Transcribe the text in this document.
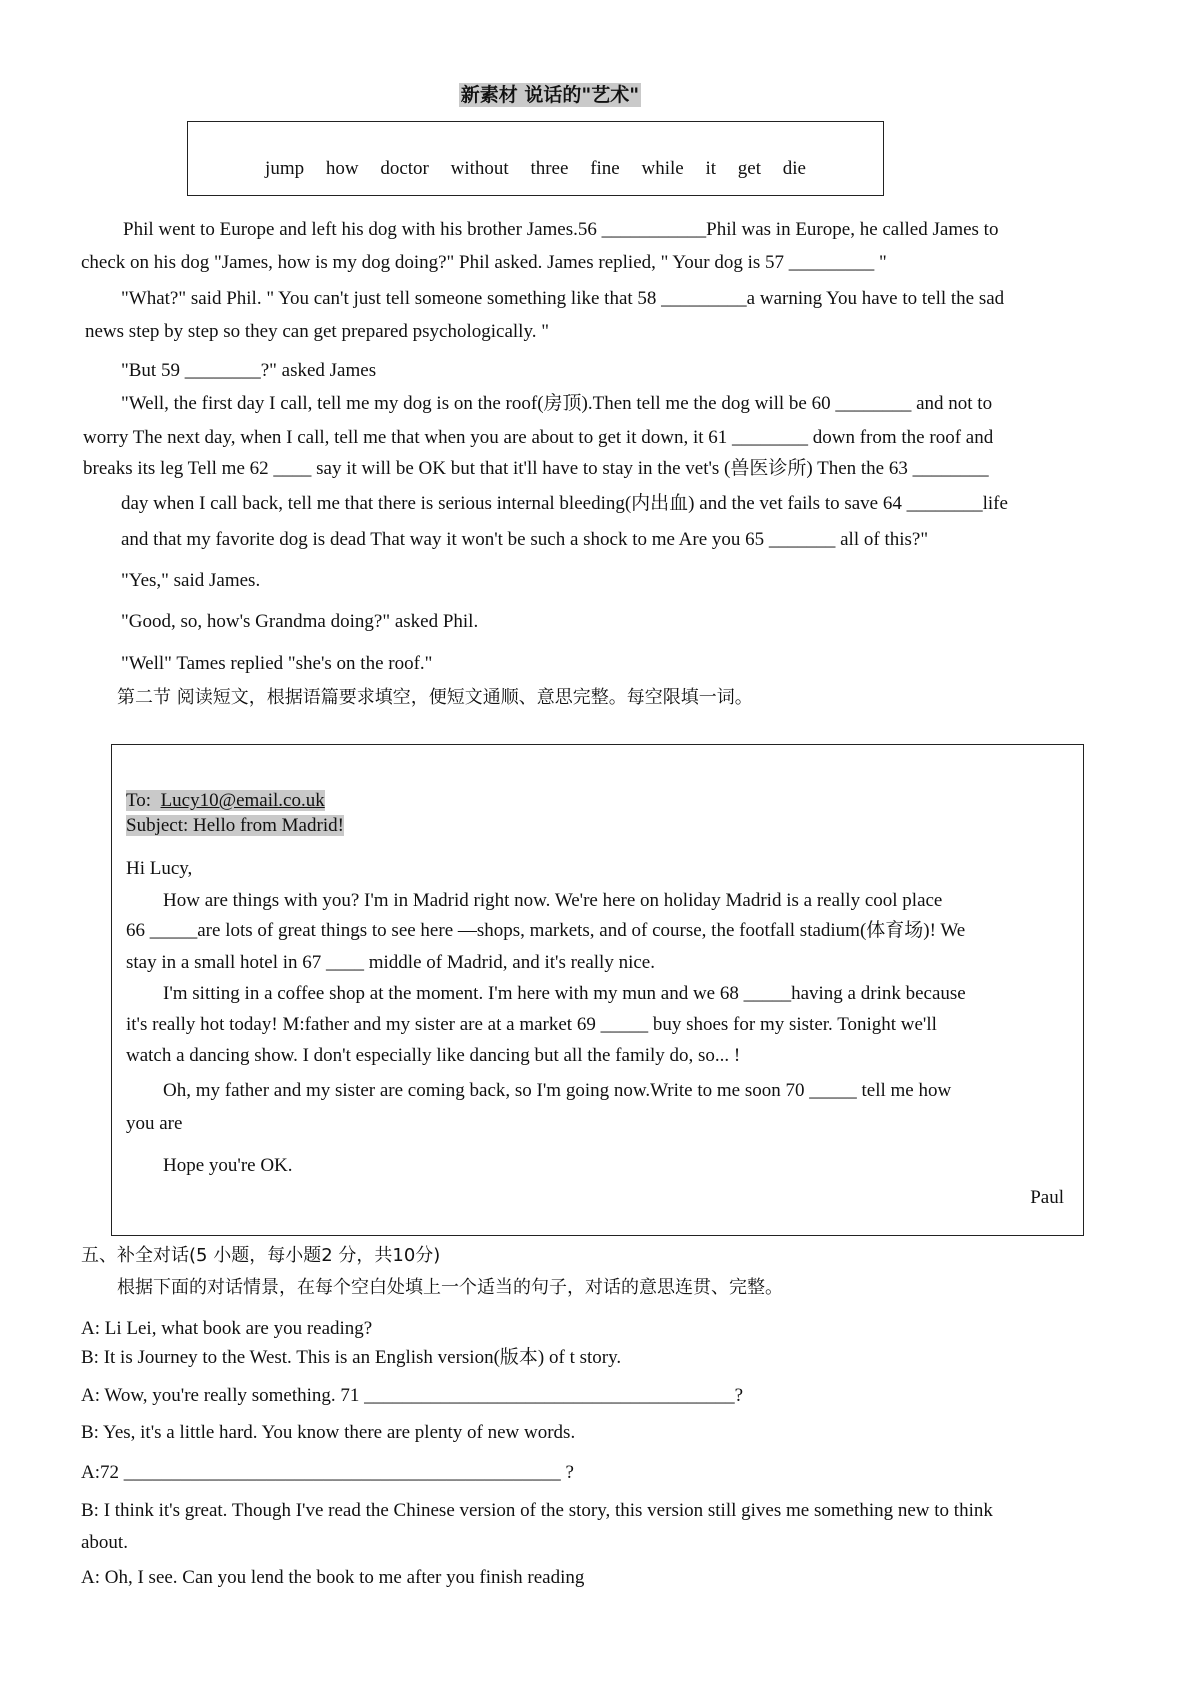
新素材 说话的"艺术"
jump how doctor without three fine while it get die
Phil went to Europe and left his dog with his brother James.56 ___________Phil was in Europe, he called James to
check on his dog "James, how is my dog doing?" Phil asked. James replied, " Your dog is 57 _________ "
"What?" said Phil. " You can't just tell someone something like that 58 _________a warning You have to tell the sad
news step by step so they can get prepared psychologically. "
"But 59 ________?" asked James
"Well, the first day I call, tell me my dog is on the roof(房顶).Then tell me the dog will be 60 ________ and not to
worry The next day, when I call, tell me that when you are about to get it down, it 61 ________ down from the roof and
breaks its leg Tell me 62 ____ say it will be OK but that it'll have to stay in the vet's (兽医诊所) Then the 63 ________
day when I call back, tell me that there is serious internal bleeding(内出血) and the vet fails to save 64 ________life
and that my favorite dog is dead That way it won't be such a shock to me Are you 65 _______ all of this?"
"Yes," said James.
"Good, so, how's Grandma doing?" asked Phil.
"Well" Tames replied "she's on the roof."
第二节 阅读短文，根据语篇要求填空，便短文通顺、意思完整。每空限填一词。
To: Lucy10@email.co.uk
Subject: Hello from Madrid!
Hi Lucy,
How are things with you? I'm in Madrid right now. We're here on holiday Madrid is a really cool place
66 _____are lots of great things to see here —shops, markets, and of course, the footfall stadium(体育场)! We
stay in a small hotel in 67 ____ middle of Madrid, and it's really nice.
I'm sitting in a coffee shop at the moment. I'm here with my mun and we 68 _____having a drink because
it's really hot today! M:father and my sister are at a market 69 _____ buy shoes for my sister. Tonight we'll
watch a dancing show. I don't especially like dancing but all the family do, so... !
Oh, my father and my sister are coming back, so I'm going now.Write to me soon 70 _____ tell me how
you are
Hope you're OK.
Paul
五、补全对话(5 小题，每小题2 分，共10分)
根据下面的对话情景，在每个空白处填上一个适当的句子，对话的意思连贯、完整。
A: Li Lei, what book are you reading?
B: It is Journey to the West. This is an English version(版本) of t story.
A: Wow, you're really something. 71 _______________________________________?
B: Yes, it's a little hard. You know there are plenty of new words.
A:72 ______________________________________________ ?
B: I think it's great. Though I've read the Chinese version of the story, this version still gives me something new to think
about.
A: Oh, I see. Can you lend the book to me after you finish reading
